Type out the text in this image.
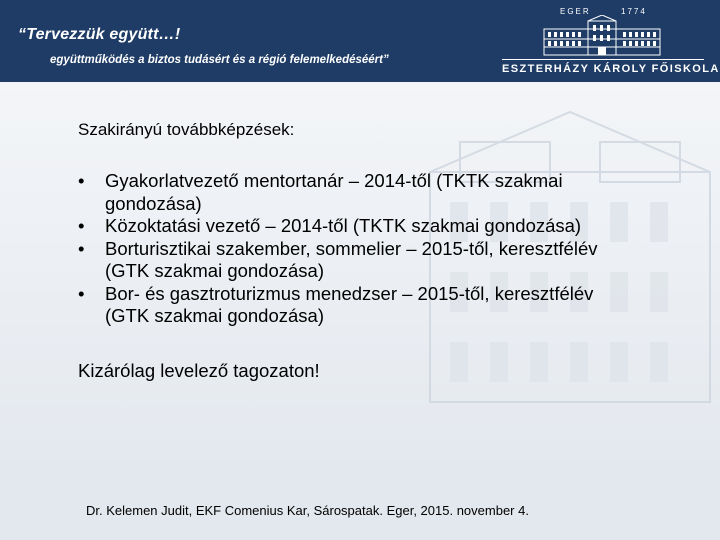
“Tervezzük együtt…!
együttműködés a biztos tudásért és a régió felemelkedéséért”
EGER	1774
ESZTERHÁZY KÁROLY FŐISKOLA
Szakirányú továbbképzések:
• Gyakorlatvezető mentortanár – 2014-től (TKTK szakmai gondozása)
• Közoktatási vezető – 2014-től (TKTK szakmai gondozása)
• Borturisztikai szakember, sommelier – 2015-től, keresztfélév (GTK szakmai gondozása)
• Bor- és gasztroturizmus menedzser – 2015-től, keresztfélév (GTK szakmai gondozása)
Kizárólag levelező tagozaton!
Dr. Kelemen Judit, EKF Comenius Kar, Sárospatak. Eger, 2015. november 4.
